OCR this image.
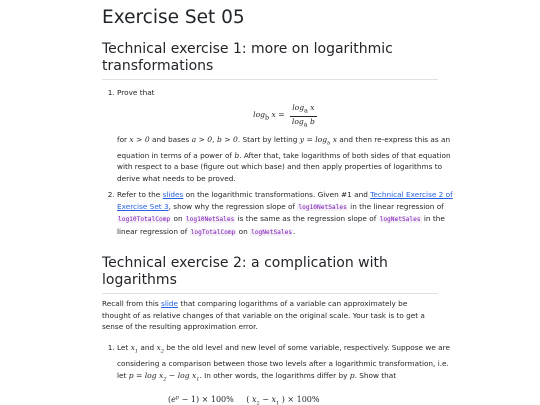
Exercise Set 05
Technical exercise 1: more on logarithmic transformations
1. Prove that
$\log_b x = \frac{\log_a x}{\log_a b}$
for x > 0 and bases a > 0, b > 0. Start by letting $y = \log_b x$ and then re-express this as an equation in terms of a power of b. After that, take logarithms of both sides of that equation with respect to a base (figure out which base) and then apply properties of logarithms to derive what needs to be proved.
2. Refer to the slides on the logarithmic transformations. Given #1 and Technical Exercise 2 of Exercise Set 3, show why the regression slope of log10NetSales in the linear regression of log10TotalComp on log10NetSales is the same as the regression slope of logNetSales in the linear regression of logTotalComp on logNetSales.
Technical exercise 2: a complication with logarithms

Recall from this slide that comparing logarithms of a variable can approximately be thought of as relative changes of that variable on the original scale. Your task is to get a sense of the resulting approximation error.

1. Let $x_1$ and $x_2$ be the old level and new level of some variable, respectively. Suppose we are considering a comparison between those two levels after a logarithmic transformation, i.e. let $p = \log x_2 - \log x_1$. In other words, the logarithms differ by p. Show that
$(e^p - 1) \times 100\%$ ( $x_2 - x_1$ ) × 100%
